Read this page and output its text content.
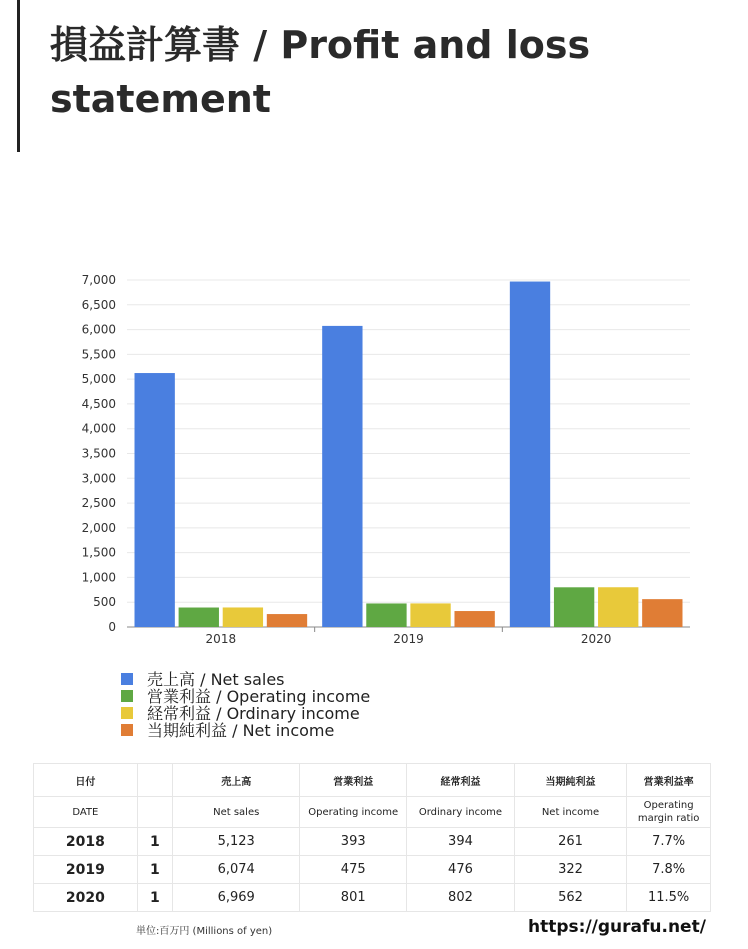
損益計算書 / Profit and loss statement
0
500
1,000
1,500
2,000
2,500
3,000
3,500
4,000
4,500
5,000
5,500
6,000
6,500
7,000
2018	2019	2020
売上高 / Net sales
営業利益 / Operating income
経常利益 / Ordinary income
当期純利益 / Net income
日付		売上高	営業利益	経常利益	当期純利益	営業利益率
DATE		Net sales	Operating income	Ordinary income	Net income	Operating margin ratio
2018	1	5,123	393	394	261	7.7%
2019	1	6,074	475	476	322	7.8%
2020	1	6,969	801	802	562	11.5%
単位:百万円 (Millions of yen)	https://gurafu.net/
